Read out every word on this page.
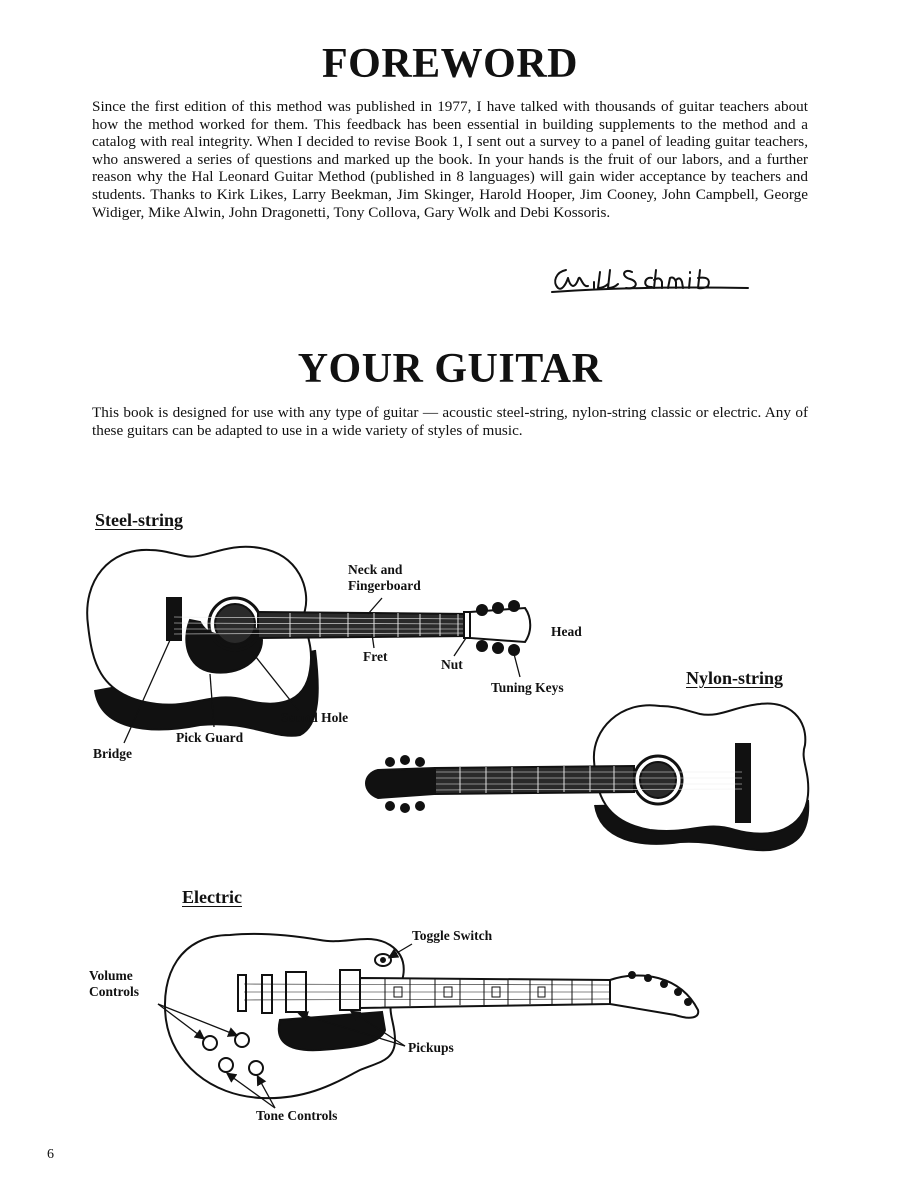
FOREWORD
Since the first edition of this method was published in 1977, I have talked with thousands of guitar teachers about how the method worked for them. This feedback has been essential in building supplements to the method and a catalog with real integrity. When I decided to revise Book 1, I sent out a survey to a panel of leading guitar teachers, who answered a series of questions and marked up the book. In your hands is the fruit of our labors, and a further reason why the Hal Leonard Guitar Method (published in 8 languages) will gain wider acceptance by teachers and students. Thanks to Kirk Likes, Larry Beekman, Jim Skinger, Harold Hooper, Jim Cooney, John Campbell, George Widiger, Mike Alwin, John Dragonetti, Tony Collova, Gary Wolk and Debi Kossoris.
YOUR GUITAR
This book is designed for use with any type of guitar — acoustic steel-string, nylon-string classic or electric. Any of these guitars can be adapted to use in a wide variety of styles of music.
Steel-string
Nylon-string
Electric
Neck and
Fingerboard
Head
Fret
Nut
Tuning Keys
Sound Hole
Pick Guard
Bridge
Toggle Switch
Volume
Controls
Pickups
Tone Controls
6
